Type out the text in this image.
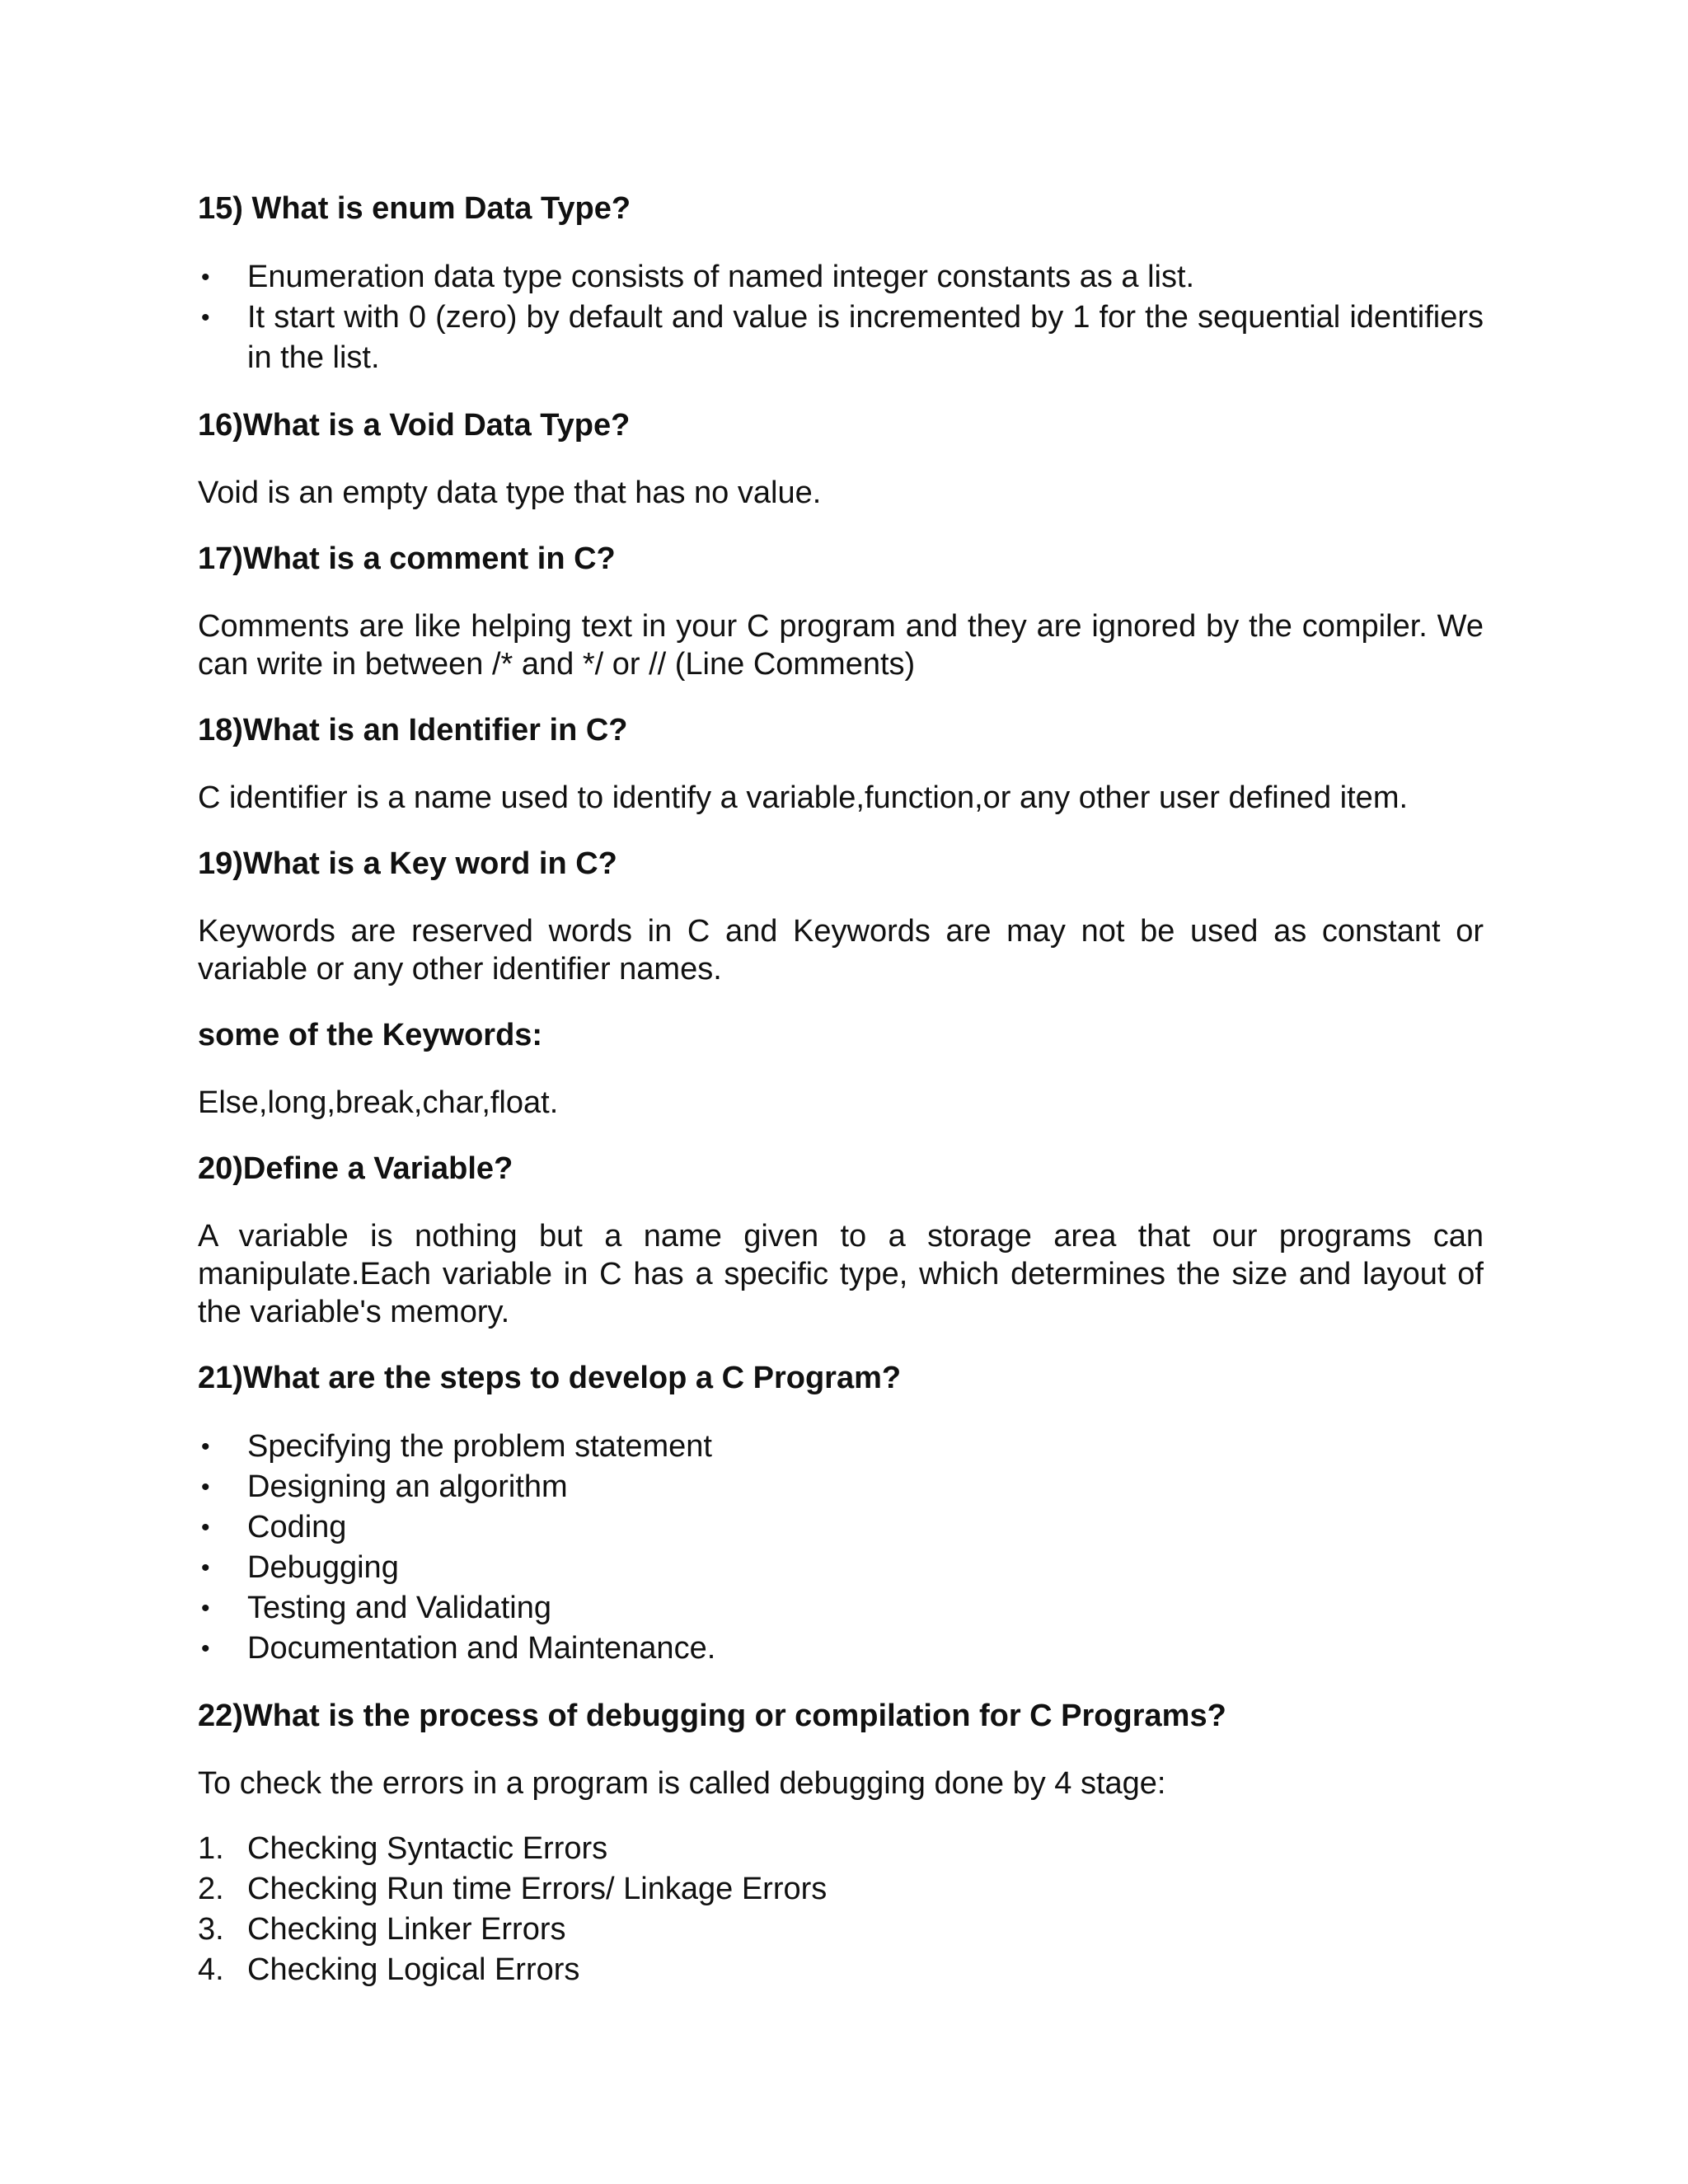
15) What is enum Data Type?

• Enumeration data type consists of named integer constants as a list.
• It start with 0 (zero) by default and value is incremented by 1 for the sequential identifiers in the list.

16)What is a Void Data Type?

Void is an empty data type that has no value.

17)What is a comment in C?

Comments are like helping text in your C program and they are ignored by the compiler. We can write in between /* and */ or // (Line Comments)

18)What is an Identifier in C?

C identifier is a name used to identify a variable,function,or any other user defined item.

19)What is a Key word in C?

Keywords are reserved words in C and Keywords are may not be used as constant or variable or any other identifier names.

some of the Keywords:

Else,long,break,char,float.

20)Define a Variable?

A variable is nothing but a name given to a storage area that our programs can manipulate.Each variable in C has a specific type, which determines the size and layout of the variable's memory.

21)What are the steps to develop a C Program?

• Specifying the problem statement
• Designing an algorithm
• Coding
• Debugging
• Testing and Validating
• Documentation and Maintenance.

22)What is the process of debugging or compilation for C Programs?

To check the errors in a program is called debugging done by 4 stage:

1. Checking Syntactic Errors
2. Checking Run time Errors/ Linkage Errors
3. Checking Linker Errors
4. Checking Logical Errors
